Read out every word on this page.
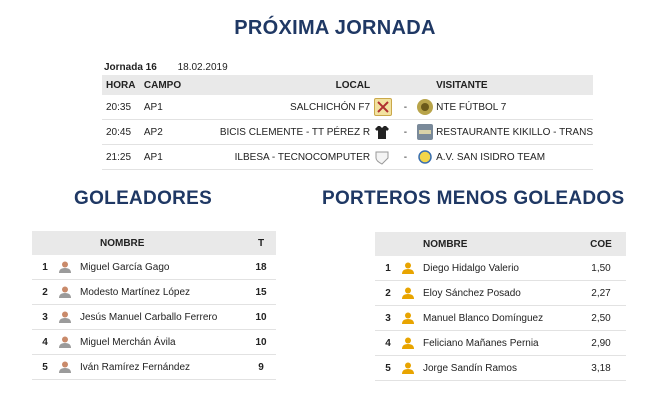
PRÓXIMA JORNADA
Jornada 16 18.02.2019
HORA	CAMPO	LOCAL				VISITANTE
20:35	AP1	SALCHICHÓN F7		-		NTE FÚTBOL 7
20:45	AP2	BICIS CLEMENTE - TT PÉREZ R		-		RESTAURANTE KIKILLO - TRANS
21:25	AP1	ILBESA - TECNOCOMPUTER		-		A.V. SAN ISIDRO TEAM
GOLEADORES	PORTEROS MENOS GOLEADOS
		NOMBRE	T
1		Miguel García Gago	18
2		Modesto Martínez López	15
3		Jesús Manuel Carballo Ferrero	10
4		Miguel Merchán Ávila	10
5		Iván Ramírez Fernández	9
		NOMBRE	COE
1		Diego Hidalgo Valerio	1,50
2		Eloy Sánchez Posado	2,27
3		Manuel Blanco Domínguez	2,50
4		Feliciano Mañanes Pernia	2,90
5		Jorge Sandín Ramos	3,18
